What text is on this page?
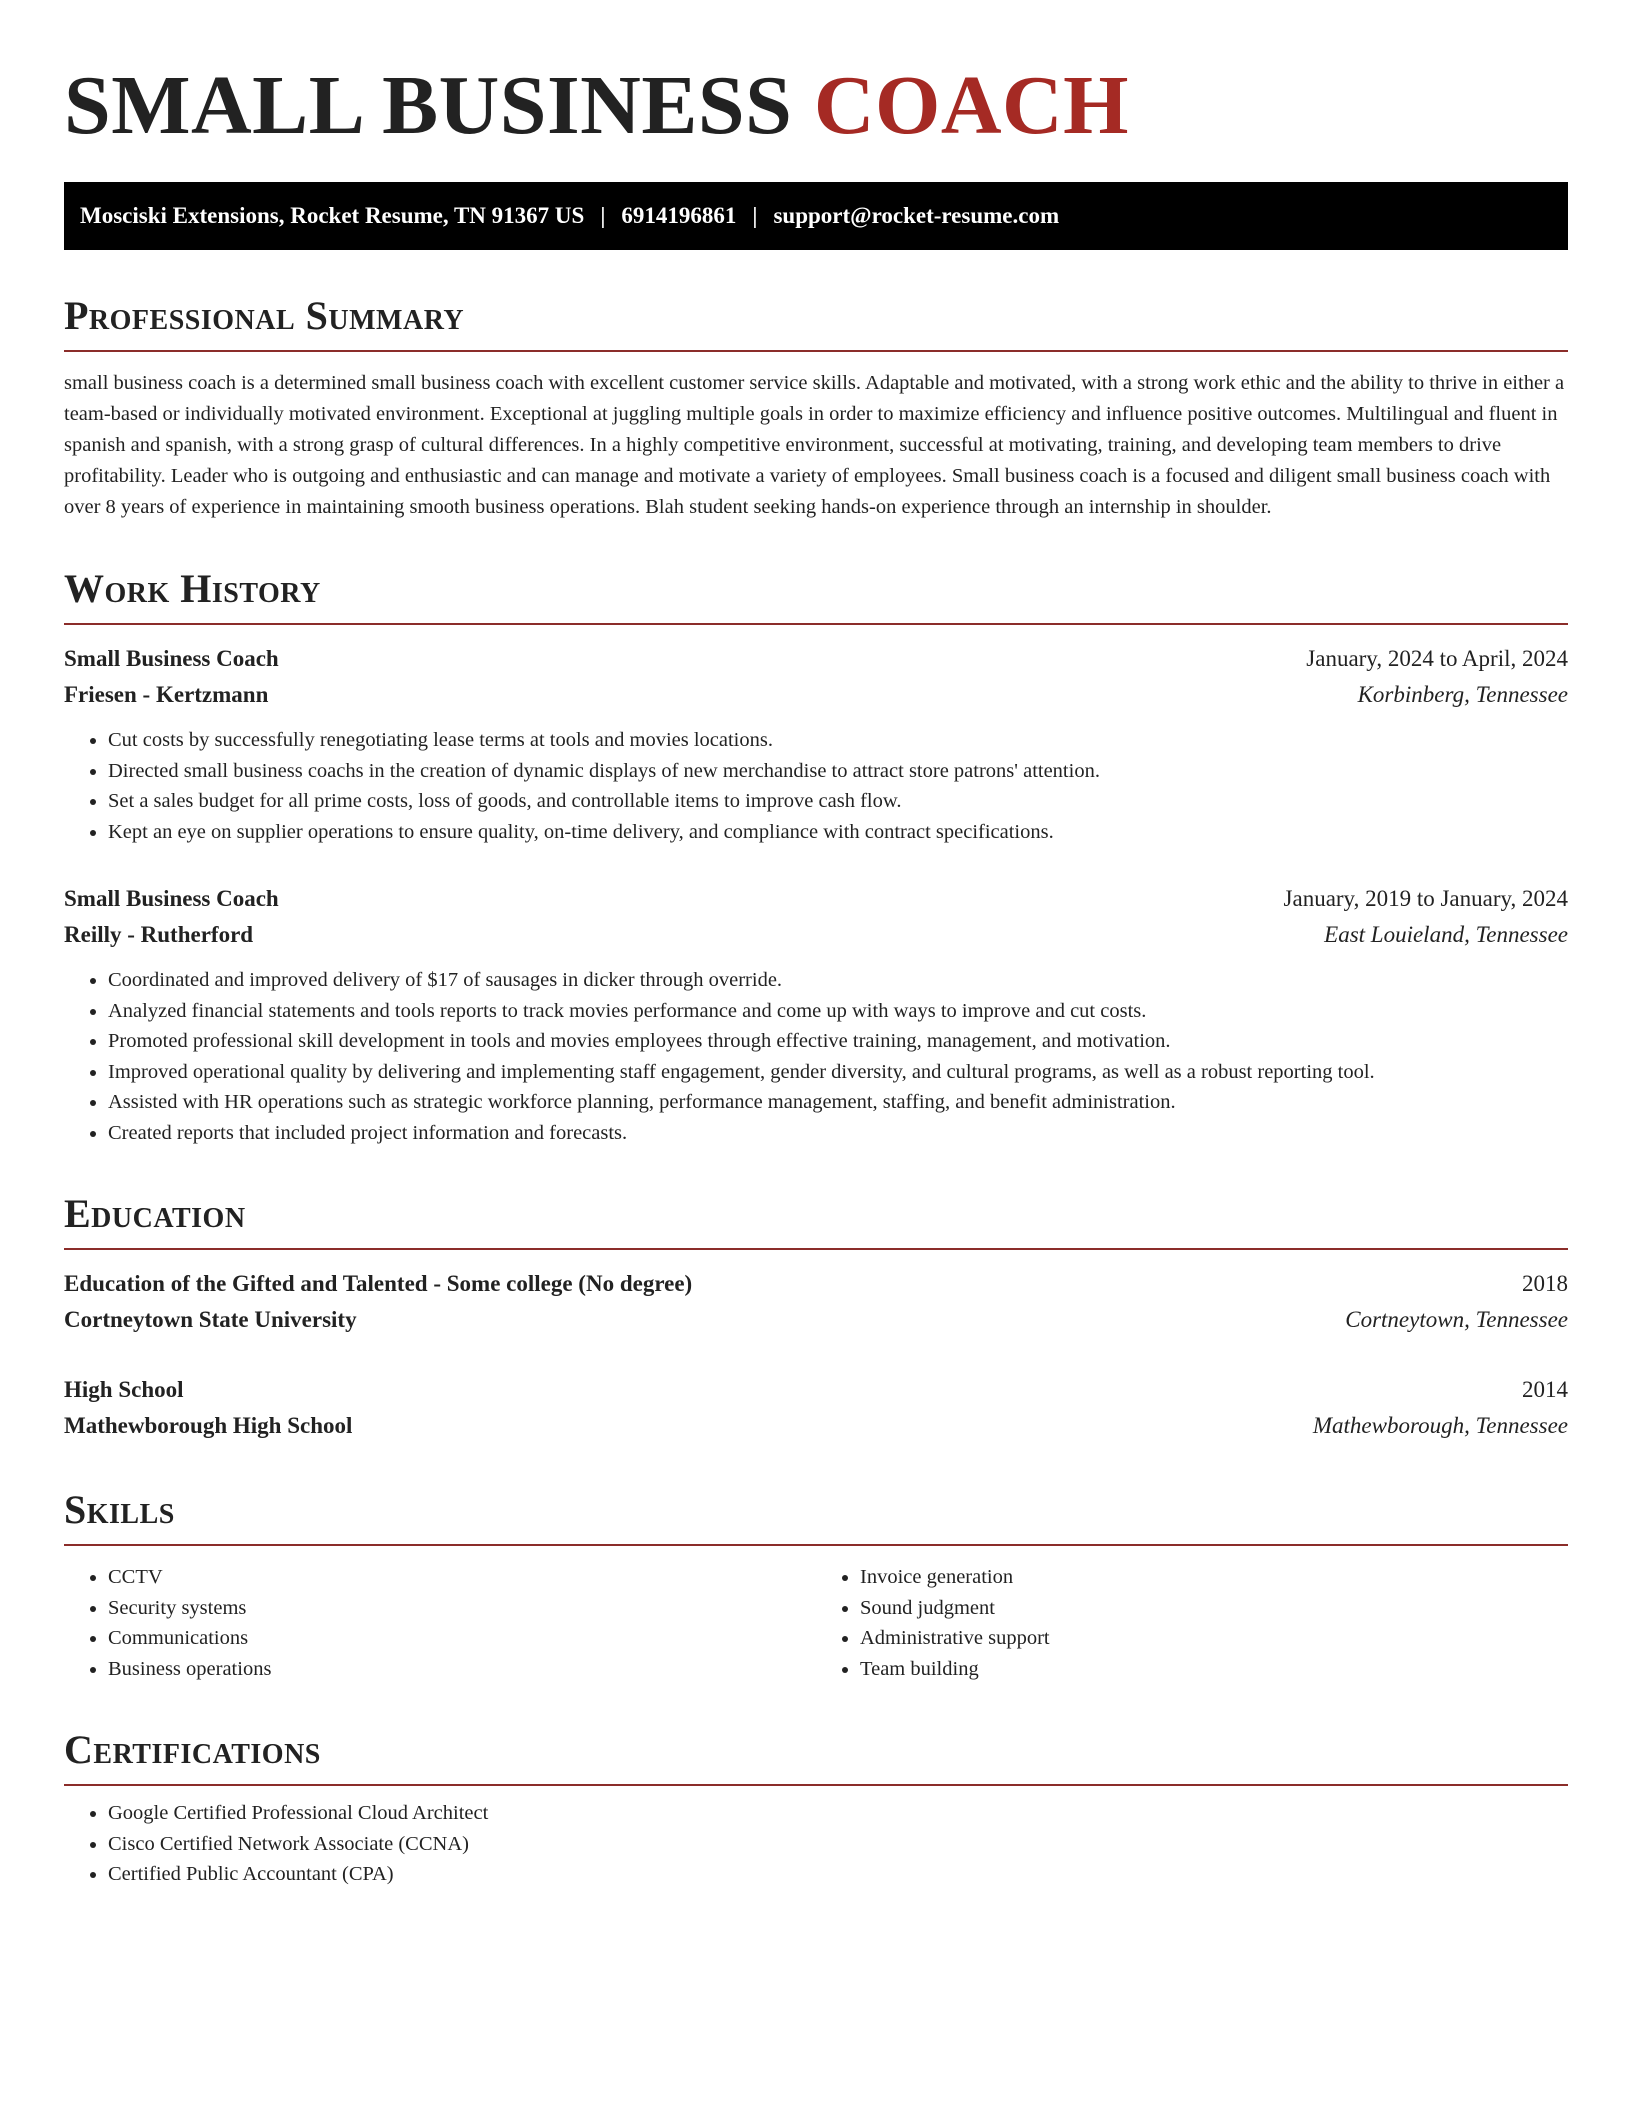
SMALL BUSINESS COACH
Mosciski Extensions, Rocket Resume, TN 91367 US | 6914196861 | support@rocket-resume.com
Professional Summary
small business coach is a determined small business coach with excellent customer service skills. Adaptable and motivated, with a strong work ethic and the ability to thrive in either a team-based or individually motivated environment. Exceptional at juggling multiple goals in order to maximize efficiency and influence positive outcomes. Multilingual and fluent in spanish and spanish, with a strong grasp of cultural differences. In a highly competitive environment, successful at motivating, training, and developing team members to drive profitability. Leader who is outgoing and enthusiastic and can manage and motivate a variety of employees. Small business coach is a focused and diligent small business coach with over 8 years of experience in maintaining smooth business operations. Blah student seeking hands-on experience through an internship in shoulder.
Work History
Small Business Coach	January, 2024 to April, 2024
Friesen - Kertzmann	Korbinberg, Tennessee
• Cut costs by successfully renegotiating lease terms at tools and movies locations.
• Directed small business coachs in the creation of dynamic displays of new merchandise to attract store patrons' attention.
• Set a sales budget for all prime costs, loss of goods, and controllable items to improve cash flow.
• Kept an eye on supplier operations to ensure quality, on-time delivery, and compliance with contract specifications.
Small Business Coach	January, 2019 to January, 2024
Reilly - Rutherford	East Louieland, Tennessee
• Coordinated and improved delivery of $17 of sausages in dicker through override.
• Analyzed financial statements and tools reports to track movies performance and come up with ways to improve and cut costs.
• Promoted professional skill development in tools and movies employees through effective training, management, and motivation.
• Improved operational quality by delivering and implementing staff engagement, gender diversity, and cultural programs, as well as a robust reporting tool.
• Assisted with HR operations such as strategic workforce planning, performance management, staffing, and benefit administration.
• Created reports that included project information and forecasts.
Education
Education of the Gifted and Talented - Some college (No degree)	2018
Cortneytown State University	Cortneytown, Tennessee
High School	2014
Mathewborough High School	Mathewborough, Tennessee
Skills
• CCTV
• Security systems
• Communications
• Business operations
• Invoice generation
• Sound judgment
• Administrative support
• Team building
Certifications
• Google Certified Professional Cloud Architect
• Cisco Certified Network Associate (CCNA)
• Certified Public Accountant (CPA)
